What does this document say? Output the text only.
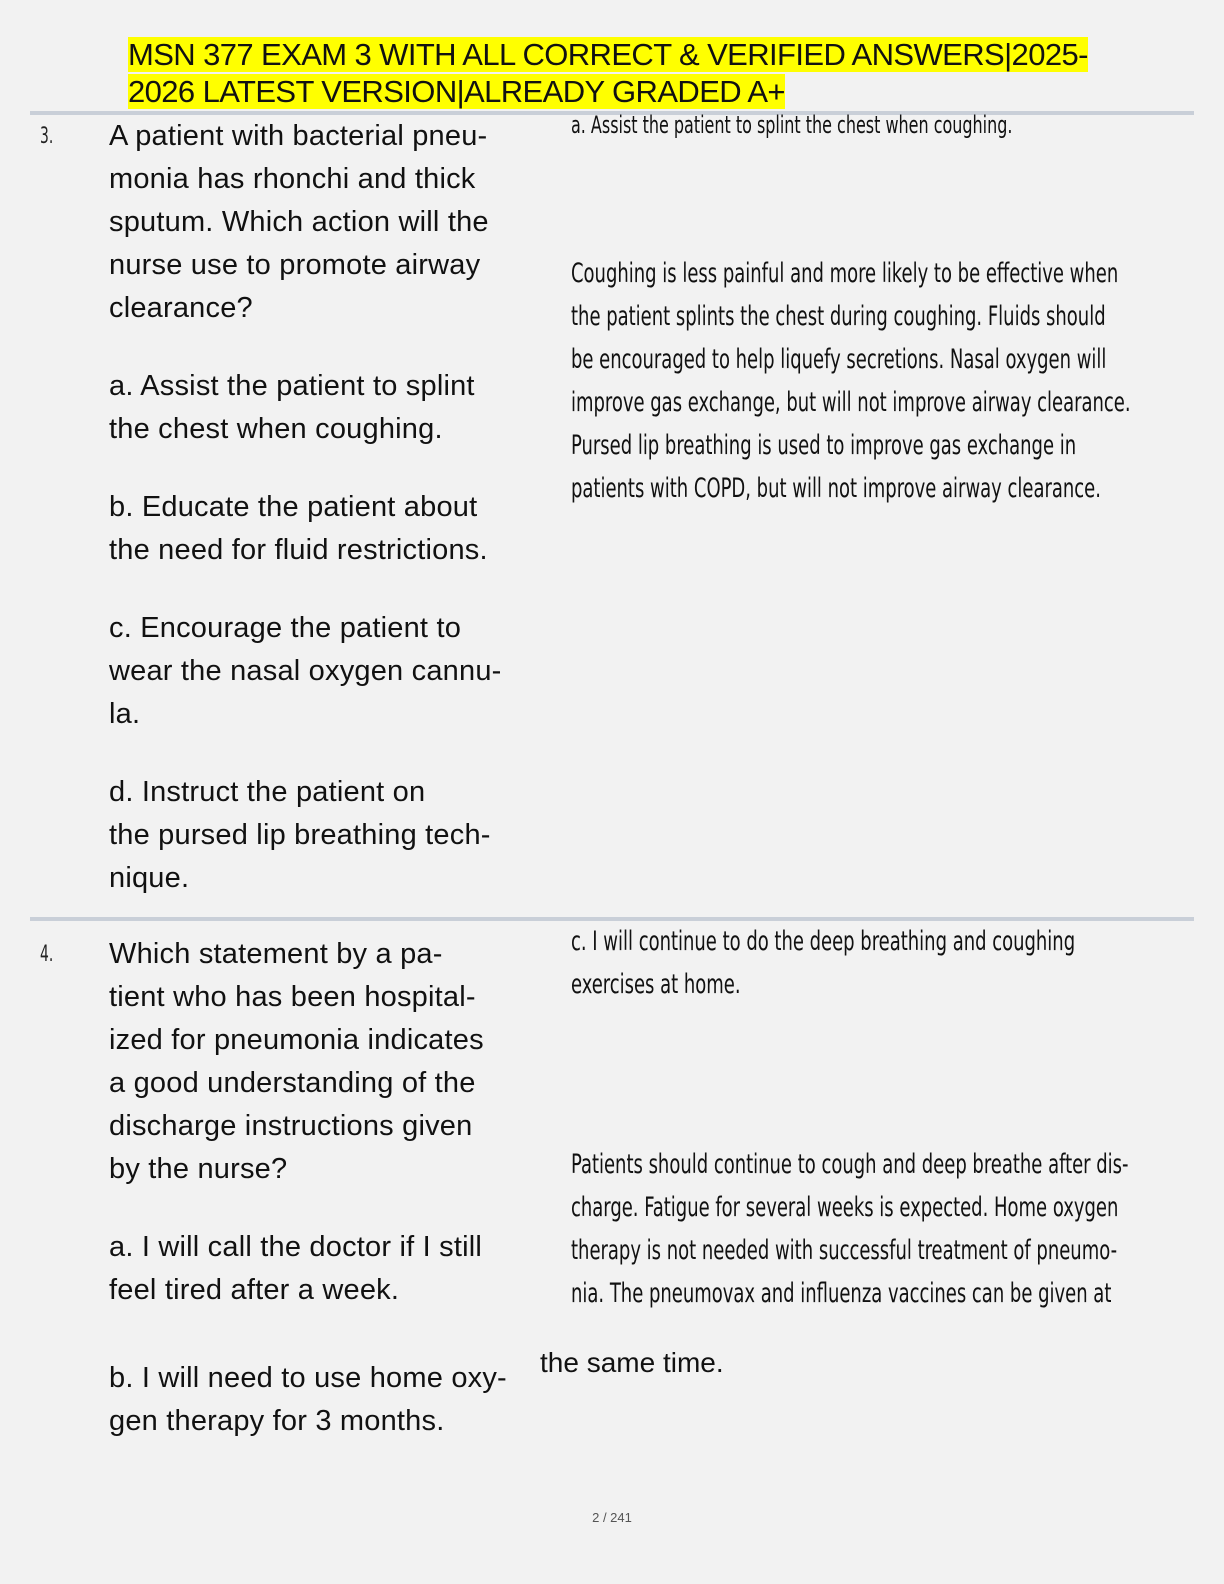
MSN 377 EXAM 3 WITH ALL CORRECT & VERIFIED ANSWERS|2025-
2026 LATEST VERSION|ALREADY GRADED A+
3. A patient with bacterial pneu-
monia has rhonchi and thick
sputum. Which action will the
nurse use to promote airway
clearance?

a. Assist the patient to splint
the chest when coughing.

b. Educate the patient about
the need for fluid restrictions.

c. Encourage the patient to
wear the nasal oxygen cannu-
la.

d. Instruct the patient on
the pursed lip breathing tech-
nique.

a. Assist the patient to splint the chest when coughing.

Coughing is less painful and more likely to be effective when
the patient splints the chest during coughing. Fluids should
be encouraged to help liquefy secretions. Nasal oxygen will
improve gas exchange, but will not improve airway clearance.
Pursed lip breathing is used to improve gas exchange in
patients with COPD, but will not improve airway clearance.

4. Which statement by a pa-
tient who has been hospital-
ized for pneumonia indicates
a good understanding of the
discharge instructions given
by the nurse?

a. I will call the doctor if I still
feel tired after a week.

b. I will need to use home oxy-
gen therapy for 3 months.

c. I will continue to do the deep breathing and coughing
exercises at home.

Patients should continue to cough and deep breathe after dis-
charge. Fatigue for several weeks is expected. Home oxygen
therapy is not needed with successful treatment of pneumo-
nia. The pneumovax and influenza vaccines can be given at

the same time.
2 / 241
